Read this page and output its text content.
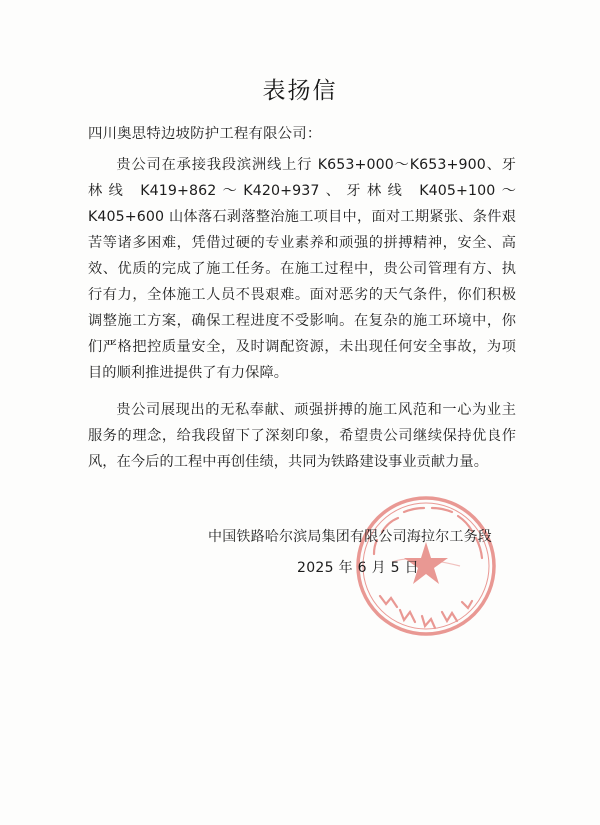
表扬信
四川奥思特边坡防护工程有限公司：

贵公司在承接我段滨洲线上行 K653+000～K653+900、牙林线 K419+862～K420+937、牙林线 K405+100～K405+600 山体落石剥落整治施工项目中，面对工期紧张、条件艰苦等诸多困难，凭借过硬的专业素养和顽强的拼搏精神，安全、高效、优质的完成了施工任务。在施工过程中，贵公司管理有方、执行有力，全体施工人员不畏艰难。面对恶劣的天气条件，你们积极调整施工方案，确保工程进度不受影响。在复杂的施工环境中，你们严格把控质量安全，及时调配资源，未出现任何安全事故，为项目的顺利推进提供了有力保障。

贵公司展现出的无私奉献、顽强拼搏的施工风范和一心为业主服务的理念，给我段留下了深刻印象，希望贵公司继续保持优良作风，在今后的工程中再创佳绩，共同为铁路建设事业贡献力量。

中国铁路哈尔滨局集团有限公司海拉尔工务段
2025 年 6 月 5 日
